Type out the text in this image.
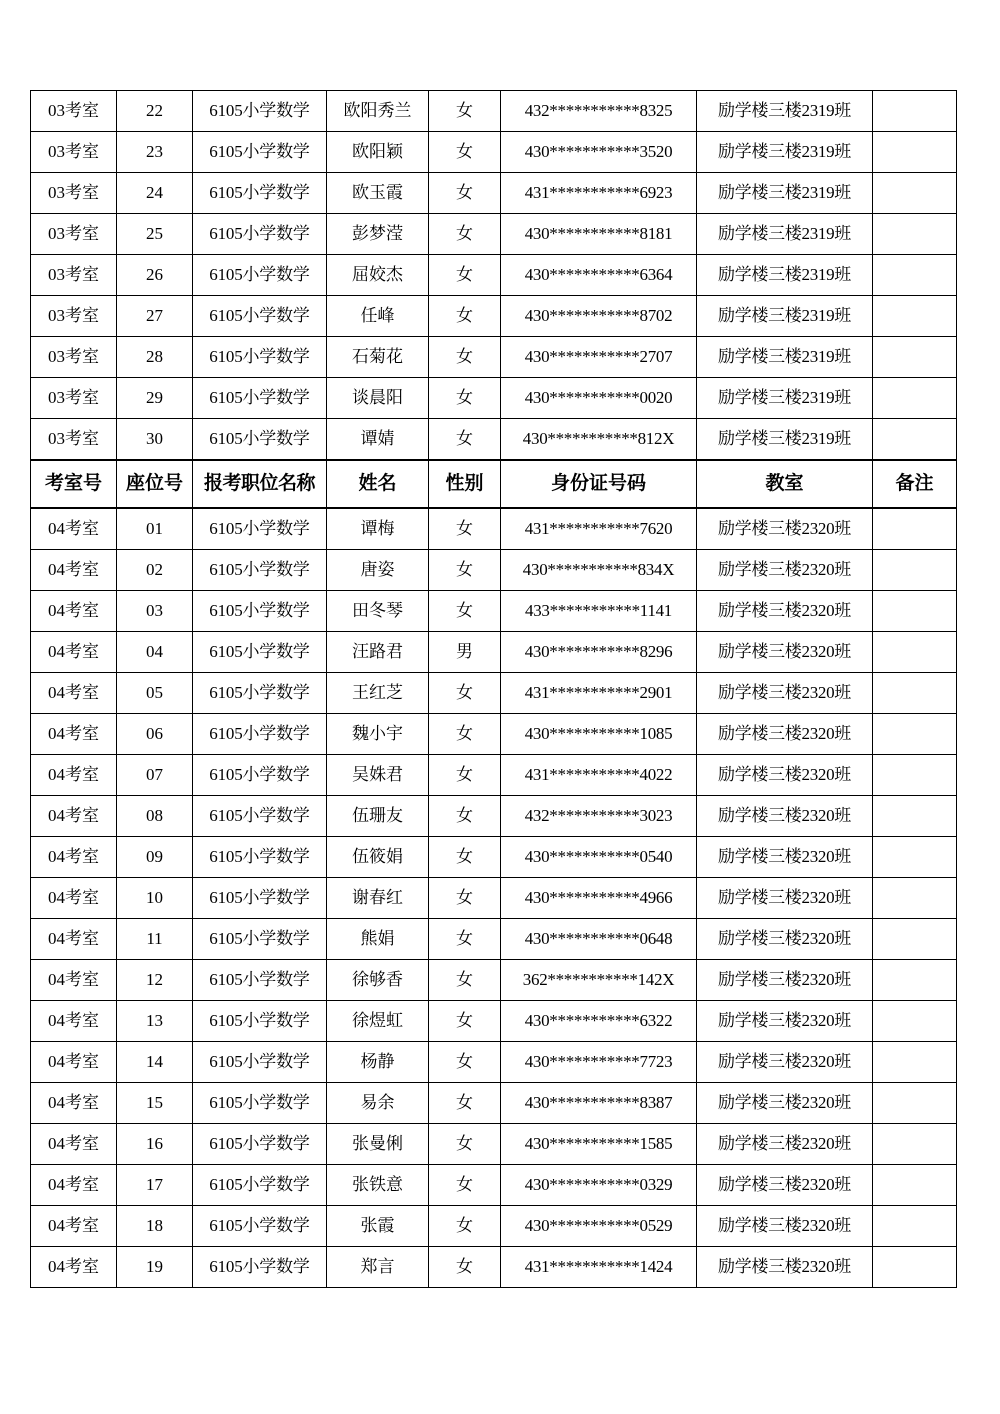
03考室	22	6105小学数学	欧阳秀兰	女	432***********8325	励学楼三楼2319班	
03考室	23	6105小学数学	欧阳颖	女	430***********3520	励学楼三楼2319班	
03考室	24	6105小学数学	欧玉霞	女	431***********6923	励学楼三楼2319班	
03考室	25	6105小学数学	彭梦滢	女	430***********8181	励学楼三楼2319班	
03考室	26	6105小学数学	屈姣杰	女	430***********6364	励学楼三楼2319班	
03考室	27	6105小学数学	任峰	女	430***********8702	励学楼三楼2319班	
03考室	28	6105小学数学	石菊花	女	430***********2707	励学楼三楼2319班	
03考室	29	6105小学数学	谈晨阳	女	430***********0020	励学楼三楼2319班	
03考室	30	6105小学数学	谭婧	女	430***********812X	励学楼三楼2319班	
考室号	座位号	报考职位名称	姓名	性别	身份证号码	教室	备注
04考室	01	6105小学数学	谭梅	女	431***********7620	励学楼三楼2320班	
04考室	02	6105小学数学	唐姿	女	430***********834X	励学楼三楼2320班	
04考室	03	6105小学数学	田冬琴	女	433***********1141	励学楼三楼2320班	
04考室	04	6105小学数学	汪路君	男	430***********8296	励学楼三楼2320班	
04考室	05	6105小学数学	王红芝	女	431***********2901	励学楼三楼2320班	
04考室	06	6105小学数学	魏小宇	女	430***********1085	励学楼三楼2320班	
04考室	07	6105小学数学	吴姝君	女	431***********4022	励学楼三楼2320班	
04考室	08	6105小学数学	伍珊友	女	432***********3023	励学楼三楼2320班	
04考室	09	6105小学数学	伍筱娟	女	430***********0540	励学楼三楼2320班	
04考室	10	6105小学数学	谢春红	女	430***********4966	励学楼三楼2320班	
04考室	11	6105小学数学	熊娟	女	430***********0648	励学楼三楼2320班	
04考室	12	6105小学数学	徐够香	女	362***********142X	励学楼三楼2320班	
04考室	13	6105小学数学	徐煜虹	女	430***********6322	励学楼三楼2320班	
04考室	14	6105小学数学	杨静	女	430***********7723	励学楼三楼2320班	
04考室	15	6105小学数学	易余	女	430***********8387	励学楼三楼2320班	
04考室	16	6105小学数学	张曼俐	女	430***********1585	励学楼三楼2320班	
04考室	17	6105小学数学	张铁意	女	430***********0329	励学楼三楼2320班	
04考室	18	6105小学数学	张霞	女	430***********0529	励学楼三楼2320班	
04考室	19	6105小学数学	郑言	女	431***********1424	励学楼三楼2320班	
